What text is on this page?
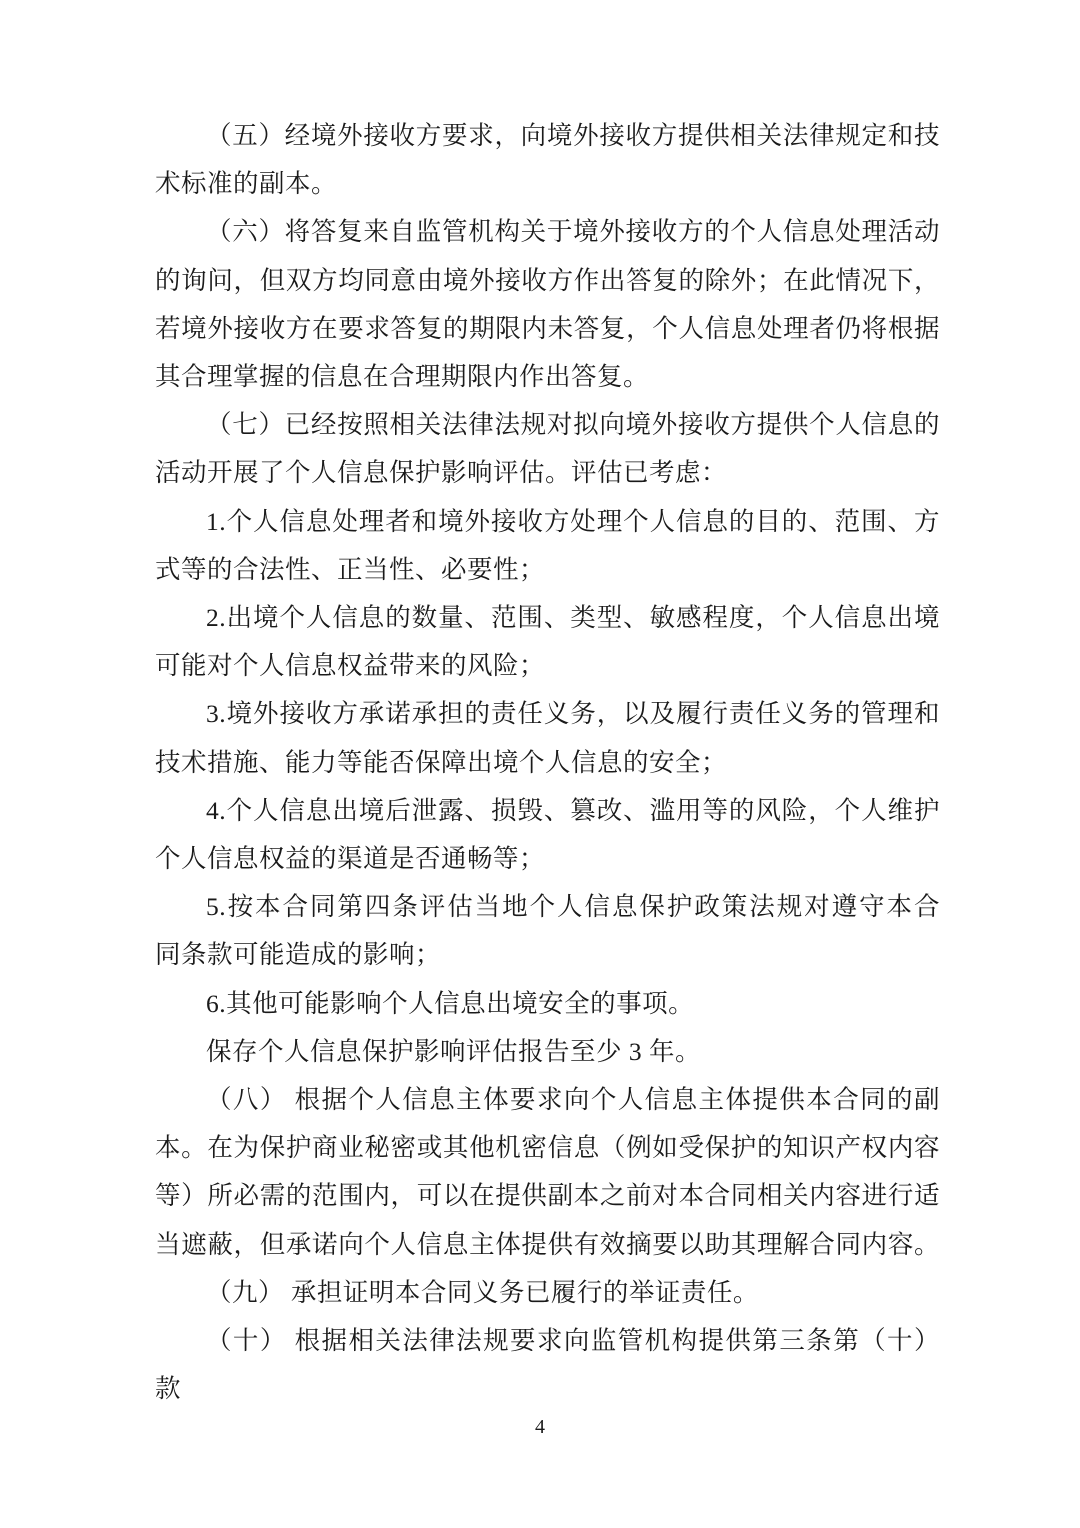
（五）经境外接收方要求，向境外接收方提供相关法律规定和技

术标准的副本。

（六）将答复来自监管机构关于境外接收方的个人信息处理活动

的询问，但双方均同意由境外接收方作出答复的除外；在此情况下，

若境外接收方在要求答复的期限内未答复，个人信息处理者仍将根据

其合理掌握的信息在合理期限内作出答复。

（七）已经按照相关法律法规对拟向境外接收方提供个人信息的

活动开展了个人信息保护影响评估。评估已考虑：

1.个人信息处理者和境外接收方处理个人信息的目的、范围、方

式等的合法性、正当性、必要性；

2.出境个人信息的数量、范围、类型、敏感程度，个人信息出境

可能对个人信息权益带来的风险；

3.境外接收方承诺承担的责任义务，以及履行责任义务的管理和

技术措施、能力等能否保障出境个人信息的安全；

4.个人信息出境后泄露、损毁、篡改、滥用等的风险，个人维护

个人信息权益的渠道是否通畅等；

5.按本合同第四条评估当地个人信息保护政策法规对遵守本合

同条款可能造成的影响；

6.其他可能影响个人信息出境安全的事项。

保存个人信息保护影响评估报告至少 3 年。

（八） 根据个人信息主体要求向个人信息主体提供本合同的副

本。在为保护商业秘密或其他机密信息（例如受保护的知识产权内容

等）所必需的范围内，可以在提供副本之前对本合同相关内容进行适

当遮蔽，但承诺向个人信息主体提供有效摘要以助其理解合同内容。

（九） 承担证明本合同义务已履行的举证责任。

（十） 根据相关法律法规要求向监管机构提供第三条第（十）款

4
